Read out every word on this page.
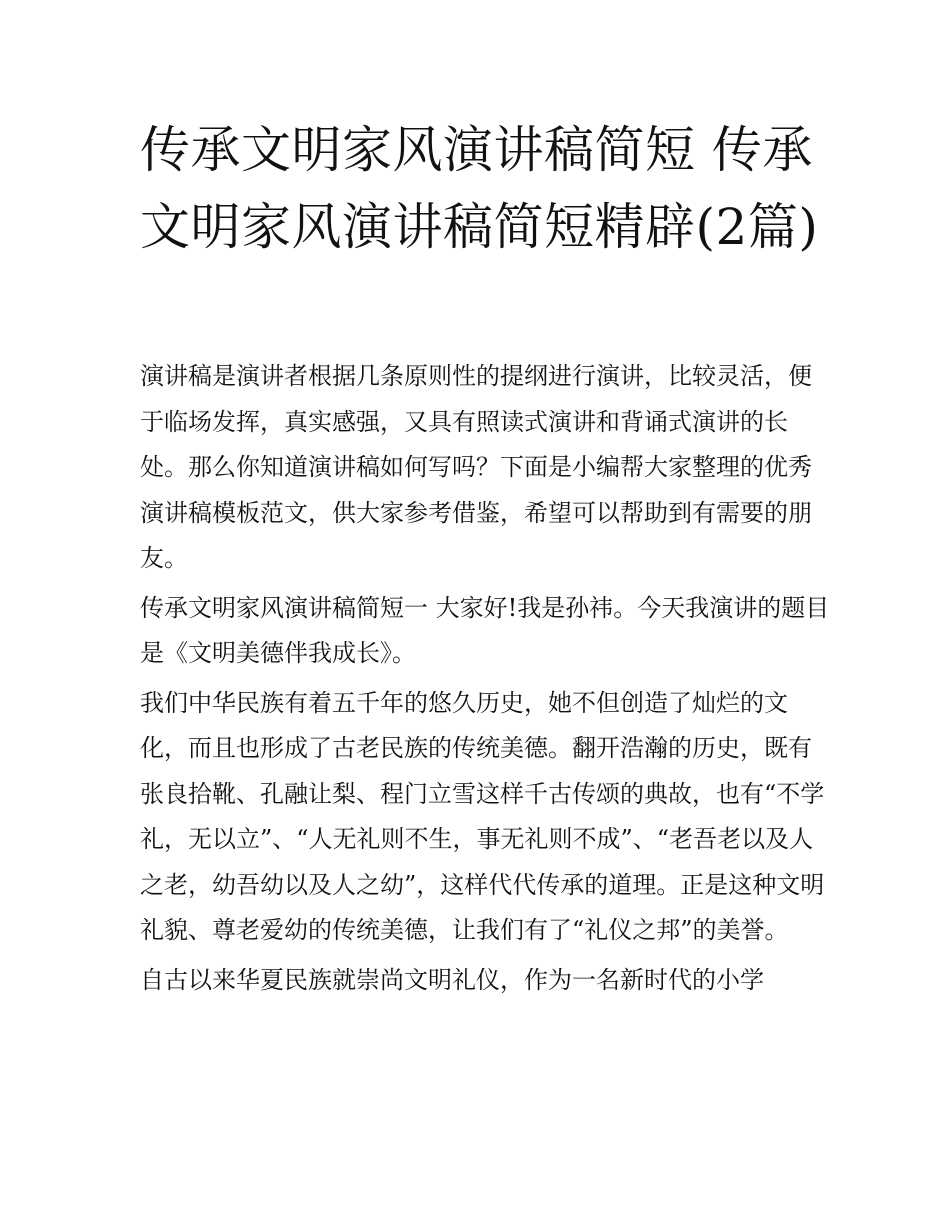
传承文明家风演讲稿简短 传承文明家风演讲稿简短精辟(2篇)

演讲稿是演讲者根据几条原则性的提纲进行演讲，比较灵活，便于临场发挥，真实感强，又具有照读式演讲和背诵式演讲的长处。那么你知道演讲稿如何写吗？下面是小编帮大家整理的优秀演讲稿模板范文，供大家参考借鉴，希望可以帮助到有需要的朋友。

传承文明家风演讲稿简短一 大家好!我是孙祎。今天我演讲的题目是《文明美德伴我成长》。

我们中华民族有着五千年的悠久历史，她不但创造了灿烂的文化，而且也形成了古老民族的传统美德。翻开浩瀚的历史，既有张良拾靴、孔融让梨、程门立雪这样千古传颂的典故，也有“不学礼，无以立”、“人无礼则不生，事无礼则不成”、“老吾老以及人之老，幼吾幼以及人之幼”，这样代代传承的道理。正是这种文明礼貌、尊老爱幼的传统美德，让我们有了“礼仪之邦”的美誉。

自古以来华夏民族就崇尚文明礼仪，作为一名新时代的小学
